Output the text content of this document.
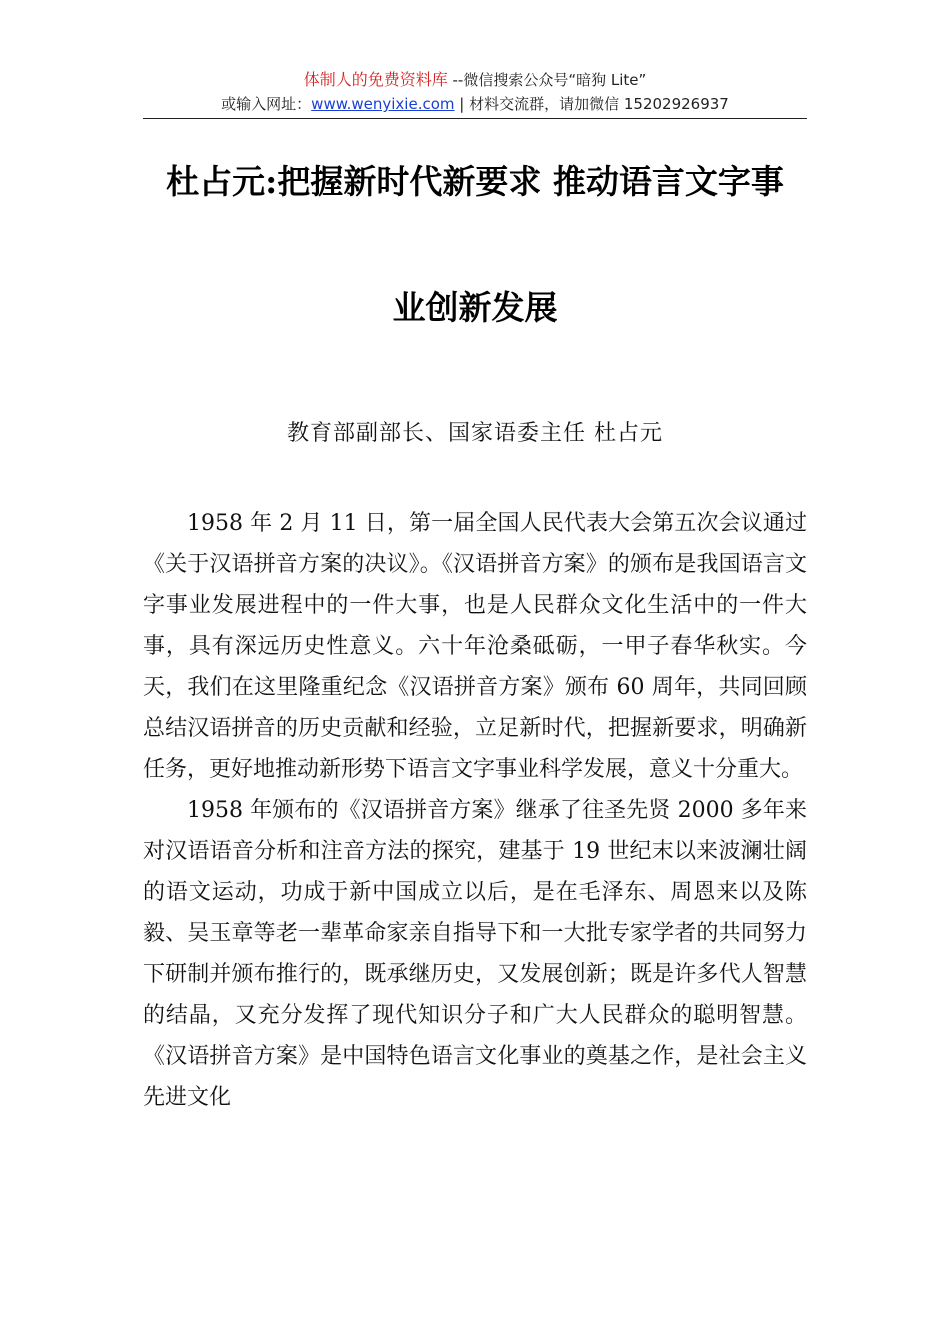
体制人的免费资料库 --微信搜索公众号“暗狗 Lite”
或输入网址：www.wenyixie.com | 材料交流群，请加微信 15202926937
杜占元:把握新时代新要求 推动语言文字事
业创新发展
教育部副部长、国家语委主任 杜占元

1958 年 2 月 11 日，第一届全国人民代表大会第五次会议通过《关于汉语拼音方案的决议》。《汉语拼音方案》的颁布是我国语言文字事业发展进程中的一件大事，也是人民群众文化生活中的一件大事，具有深远历史性意义。六十年沧桑砥砺，一甲子春华秋实。今天，我们在这里隆重纪念《汉语拼音方案》颁布 60 周年，共同回顾总结汉语拼音的历史贡献和经验，立足新时代，把握新要求，明确新任务，更好地推动新形势下语言文字事业科学发展，意义十分重大。

1958 年颁布的《汉语拼音方案》继承了往圣先贤 2000 多年来对汉语语音分析和注音方法的探究，建基于 19 世纪末以来波澜壮阔的语文运动，功成于新中国成立以后，是在毛泽东、周恩来以及陈毅、吴玉章等老一辈革命家亲自指导下和一大批专家学者的共同努力下研制并颁布推行的，既承继历史，又发展创新；既是许多代人智慧的结晶，又充分发挥了现代知识分子和广大人民群众的聪明智慧。《汉语拼音方案》是中国特色语言文化事业的奠基之作，是社会主义先进文化
